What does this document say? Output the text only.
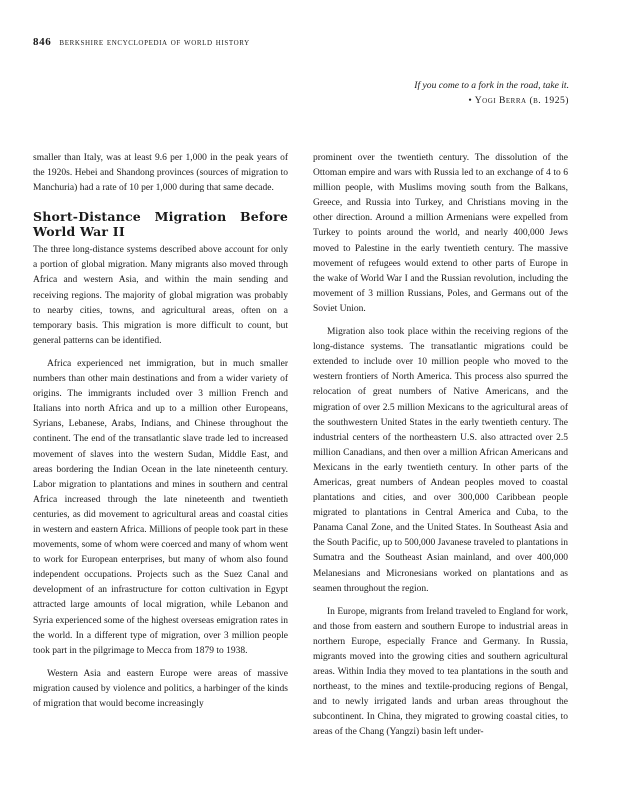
846 berkshire encyclopedia of world history
If you come to a fork in the road, take it.
• Yogi Berra (b. 1925)

smaller than Italy, was at least 9.6 per 1,000 in the peak years of the 1920s. Hebei and Shandong provinces (sources of migration to Manchuria) had a rate of 10 per 1,000 during that same decade.

Short-Distance Migration Before World War II

The three long-distance systems described above account for only a portion of global migration. Many migrants also moved through Africa and western Asia, and within the main sending and receiving regions. The majority of global migration was probably to nearby cities, towns, and agricultural areas, often on a temporary basis. This migration is more difficult to count, but general patterns can be identified.

Africa experienced net immigration, but in much smaller numbers than other main destinations and from a wider variety of origins. The immigrants included over 3 million French and Italians into north Africa and up to a million other Europeans, Syrians, Lebanese, Arabs, Indians, and Chinese throughout the continent. The end of the transatlantic slave trade led to increased movement of slaves into the western Sudan, Middle East, and areas bordering the Indian Ocean in the late nineteenth century. Labor migration to plantations and mines in southern and central Africa increased through the late nineteenth and twentieth centuries, as did movement to agricultural areas and coastal cities in western and eastern Africa. Millions of people took part in these movements, some of whom were coerced and many of whom went to work for European enterprises, but many of whom also found independent occupations. Projects such as the Suez Canal and development of an infrastructure for cotton cultivation in Egypt attracted large amounts of local migration, while Lebanon and Syria experienced some of the highest overseas emigration rates in the world. In a different type of migration, over 3 million people took part in the pilgrimage to Mecca from 1879 to 1938.

Western Asia and eastern Europe were areas of massive migration caused by violence and politics, a harbinger of the kinds of migration that would become increasingly

prominent over the twentieth century. The dissolution of the Ottoman empire and wars with Russia led to an exchange of 4 to 6 million people, with Muslims moving south from the Balkans, Greece, and Russia into Turkey, and Christians moving in the other direction. Around a million Armenians were expelled from Turkey to points around the world, and nearly 400,000 Jews moved to Palestine in the early twentieth century. The massive movement of refugees would extend to other parts of Europe in the wake of World War I and the Russian revolution, including the movement of 3 million Russians, Poles, and Germans out of the Soviet Union.

Migration also took place within the receiving regions of the long-distance systems. The transatlantic migrations could be extended to include over 10 million people who moved to the western frontiers of North America. This process also spurred the relocation of great numbers of Native Americans, and the migration of over 2.5 million Mexicans to the agricultural areas of the southwestern United States in the early twentieth century. The industrial centers of the northeastern U.S. also attracted over 2.5 million Canadians, and then over a million African Americans and Mexicans in the early twentieth century. In other parts of the Americas, great numbers of Andean peoples moved to coastal plantations and cities, and over 300,000 Caribbean people migrated to plantations in Central America and Cuba, to the Panama Canal Zone, and the United States. In Southeast Asia and the South Pacific, up to 500,000 Javanese traveled to plantations in Sumatra and the Southeast Asian mainland, and over 400,000 Melanesians and Micronesians worked on plantations and as seamen throughout the region.

In Europe, migrants from Ireland traveled to England for work, and those from eastern and southern Europe to industrial areas in northern Europe, especially France and Germany. In Russia, migrants moved into the growing cities and southern agricultural areas. Within India they moved to tea plantations in the south and northeast, to the mines and textile-producing regions of Bengal, and to newly irrigated lands and urban areas throughout the subcontinent. In China, they migrated to growing coastal cities, to areas of the Chang (Yangzi) basin left under-
